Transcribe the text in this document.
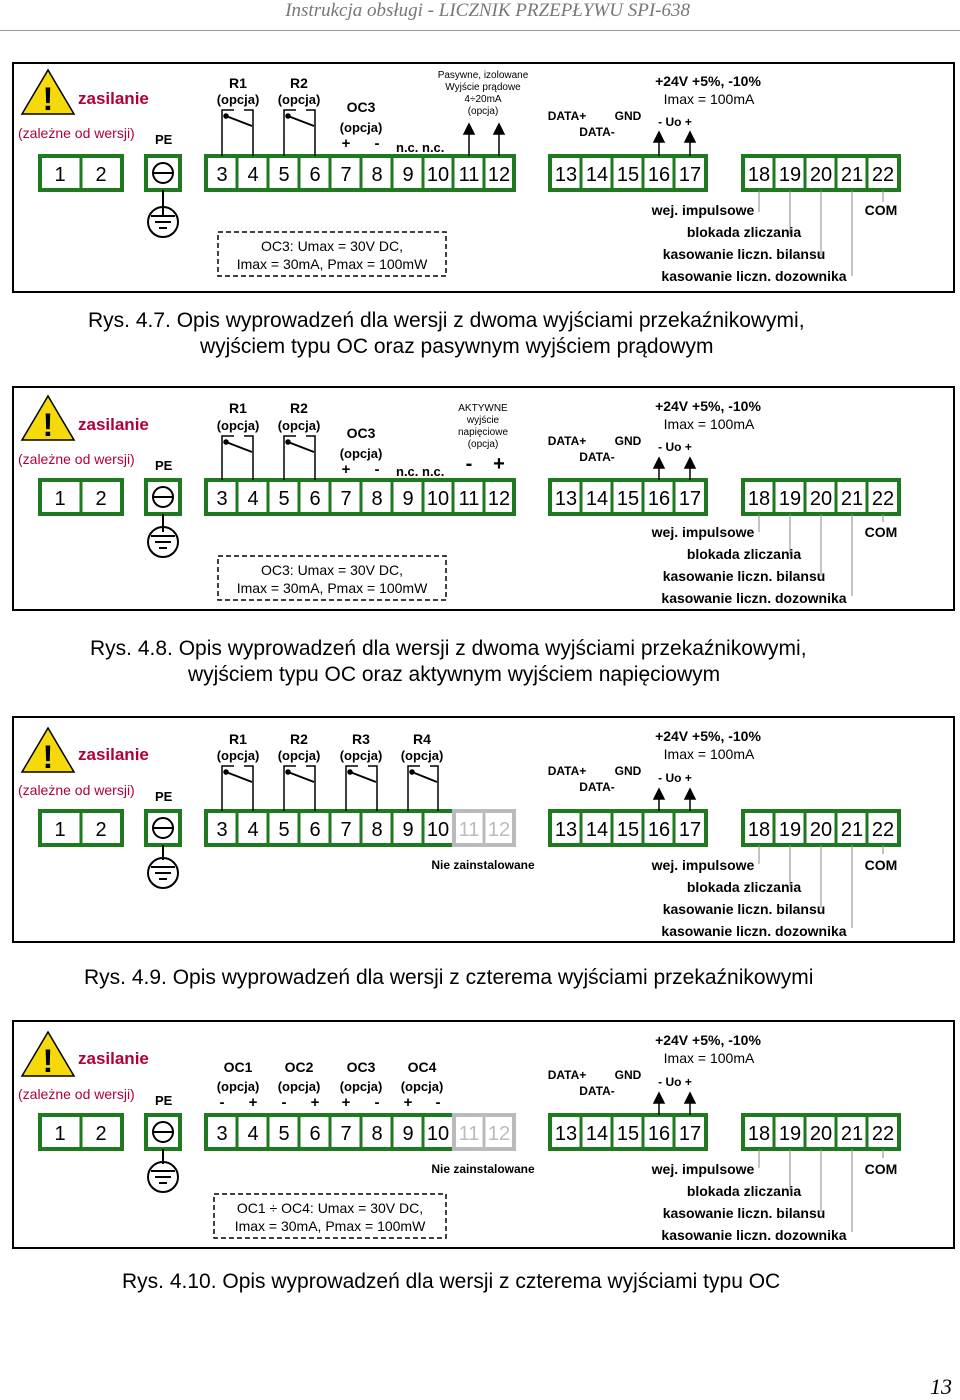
Instrukcja obsługi - LICZNIK PRZEPŁYWU SPI-638
! zasilanie
(zależne od wersji) PE
1 2	3 4 5 6 7 8 9 10 11 12 13 14 15 16 17 18 19 20 21 22
R1
(opcja)
R2
(opcja) OC3
(opcja)
+ - n.c. n.c.
Pasywne, izolowane
Wyjście prądowe
4÷20mA
(opcja)	DATA+
DATA-
GND
+24V +5%, -10%
Imax = 100mA
- Uo +
OC3: Umax = 30V DC,
Imax = 30mA, Pmax = 100mW
wej. impulsowe
blokada zliczania
kasowanie liczn. bilansu
kasowanie liczn. dozownika
COM
Rys. 4.7. Opis wyprowadzeń dla wersji z dwoma wyjściami przekaźnikowymi,
wyjściem typu OC oraz pasywnym wyjściem prądowym
! zasilanie
(zależne od wersji) PE
1 2	3 4 5 6 7 8 9 10 11 12 13 14 15 16 17 18 19 20 21 22
R1
(opcja)
R2
(opcja) OC3
(opcja)
+ - n.c. n.c.
AKTYWNE
wyjście
napięciowe
(opcja)
- +
DATA+
DATA-
GND
+24V +5%, -10%
Imax = 100mA
- Uo +
OC3: Umax = 30V DC,
Imax = 30mA, Pmax = 100mW
wej. impulsowe
blokada zliczania
kasowanie liczn. bilansu
kasowanie liczn. dozownika
COM
Rys. 4.8. Opis wyprowadzeń dla wersji z dwoma wyjściami przekaźnikowymi,
wyjściem typu OC oraz aktywnym wyjściem napięciowym
! zasilanie
(zależne od wersji) PE
1 2	3 4 5 6 7 8 9 10 11 12 13 14 15 16 17 18 19 20 21 22
R1
(opcja)
R2
(opcja)
R3
(opcja)
R4
(opcja)
DATA+
DATA-
GND
+24V +5%, -10%
Imax = 100mA
- Uo +
Nie zainstalowane	wej. impulsowe
blokada zliczania
kasowanie liczn. bilansu
kasowanie liczn. dozownika
COM
Rys. 4.9. Opis wyprowadzeń dla wersji z czterema wyjściami przekaźnikowymi
! zasilanie
(zależne od wersji) PE
1 2	3 4 5 6 7 8 9 10 11 12 13 14 15 16 17 18 19 20 21 22
OC1
(opcja)
- +
OC2
(opcja)
- +
OC3
(opcja)
+ -
OC4
(opcja)
+ -
DATA+
DATA-
GND
+24V +5%, -10%
Imax = 100mA
- Uo +
Nie zainstalowane
OC1 ÷ OC4: Umax = 30V DC,
Imax = 30mA, Pmax = 100mW
wej. impulsowe
blokada zliczania
kasowanie liczn. bilansu
kasowanie liczn. dozownika
COM
Rys. 4.10. Opis wyprowadzeń dla wersji z czterema wyjściami typu OC
13
